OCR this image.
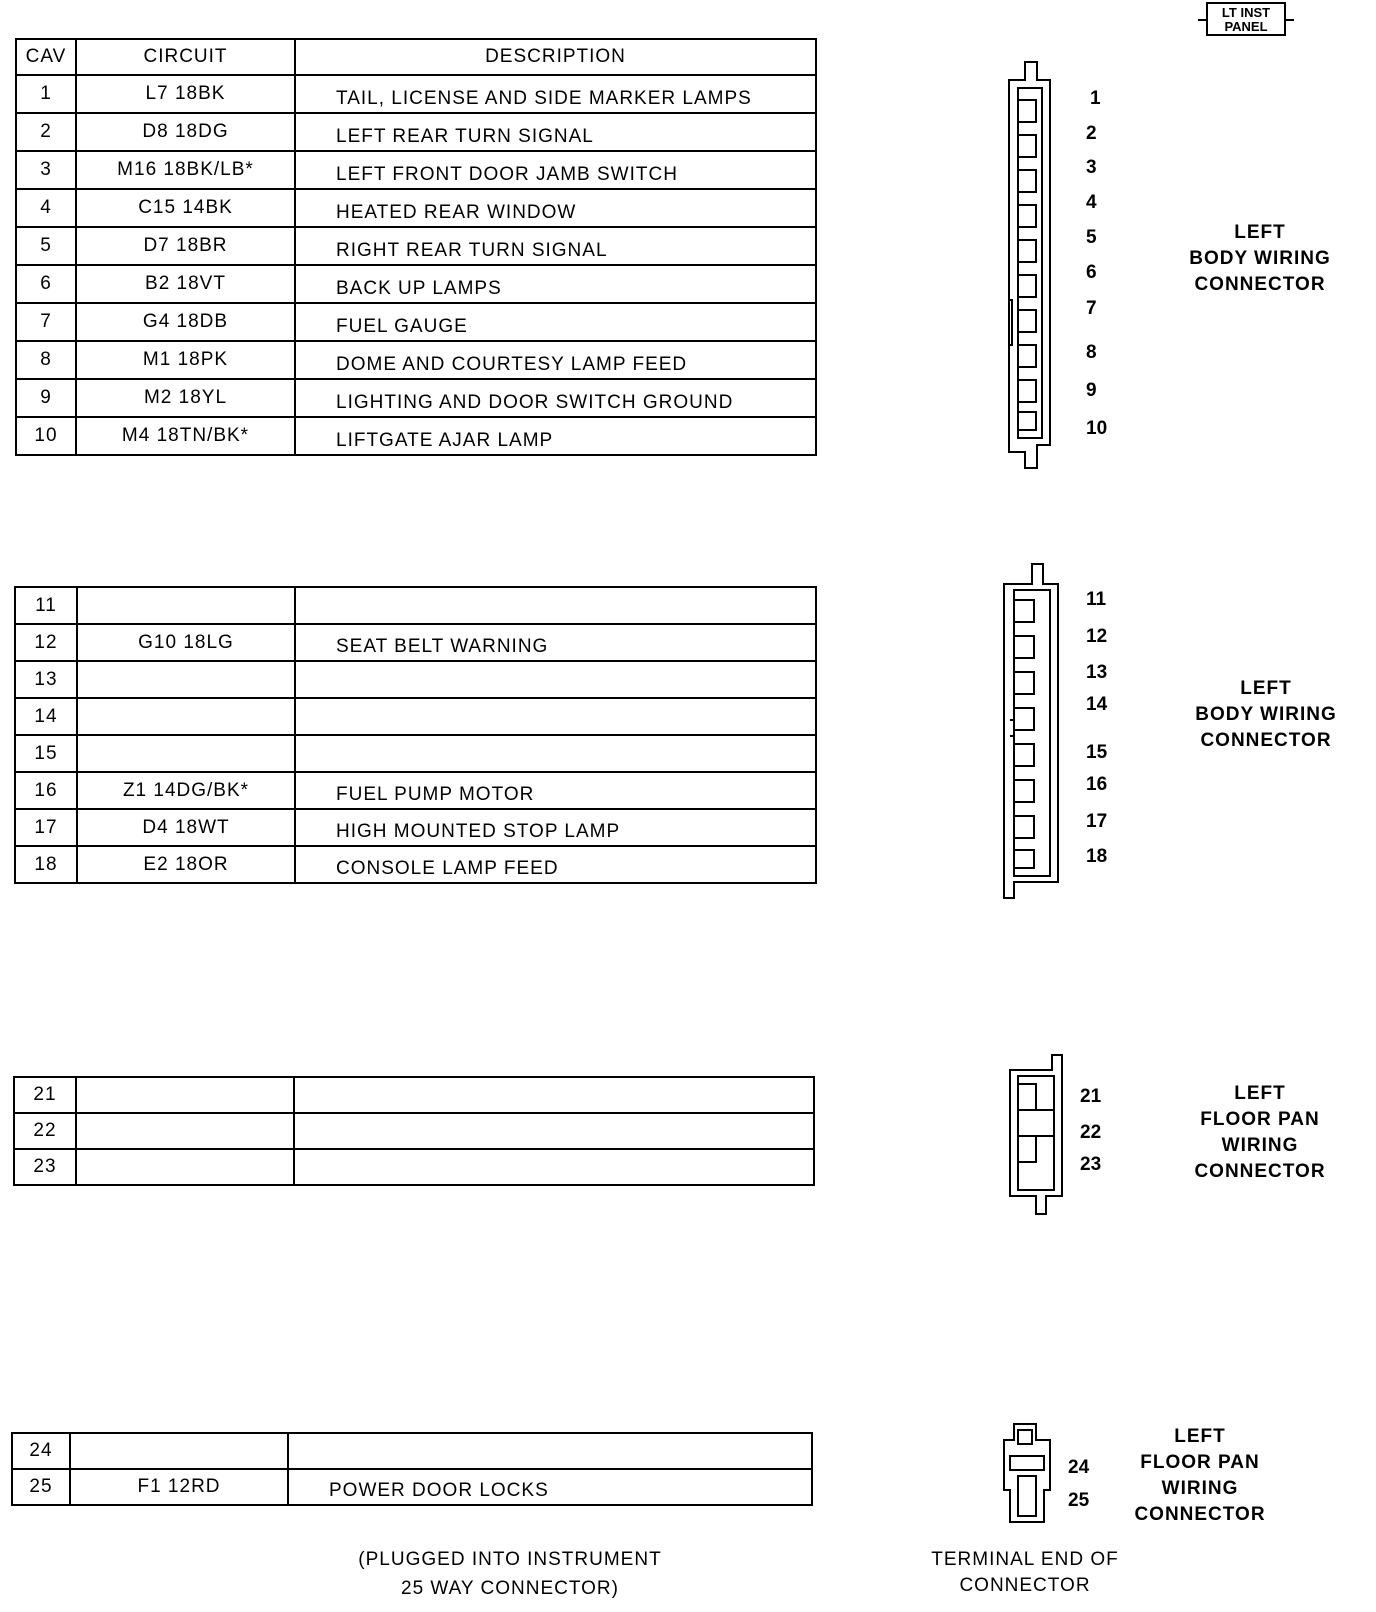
LT INST
PANEL
CAV	CIRCUIT	DESCRIPTION
1	L7 18BK	TAIL, LICENSE AND SIDE MARKER LAMPS
2	D8 18DG	LEFT REAR TURN SIGNAL
3	M16 18BK/LB*	LEFT FRONT DOOR JAMB SWITCH
4	C15 14BK	HEATED REAR WINDOW
5	D7 18BR	RIGHT REAR TURN SIGNAL
6	B2 18VT	BACK UP LAMPS
7	G4 18DB	FUEL GAUGE
8	M1 18PK	DOME AND COURTESY LAMP FEED
9	M2 18YL	LIGHTING AND DOOR SWITCH GROUND
10	M4 18TN/BK*	LIFTGATE AJAR LAMP
11		
12	G10 18LG	SEAT BELT WARNING
13		
14		
15		
16	Z1 14DG/BK*	FUEL PUMP MOTOR
17	D4 18WT	HIGH MOUNTED STOP LAMP
18	E2 18OR	CONSOLE LAMP FEED
21		
22		
23		
24		
25	F1 12RD	POWER DOOR LOCKS
1
2
3
4
5
6
7
8
9
10
11
12
13
14
15
16
17
18
21
22
23
24
25
LEFT
BODY WIRING
CONNECTOR
LEFT
BODY WIRING
CONNECTOR
LEFT
FLOOR PAN
WIRING
CONNECTOR
LEFT
FLOOR PAN
WIRING
CONNECTOR
(PLUGGED INTO INSTRUMENT
25 WAY CONNECTOR)
TERMINAL END OF
CONNECTOR
